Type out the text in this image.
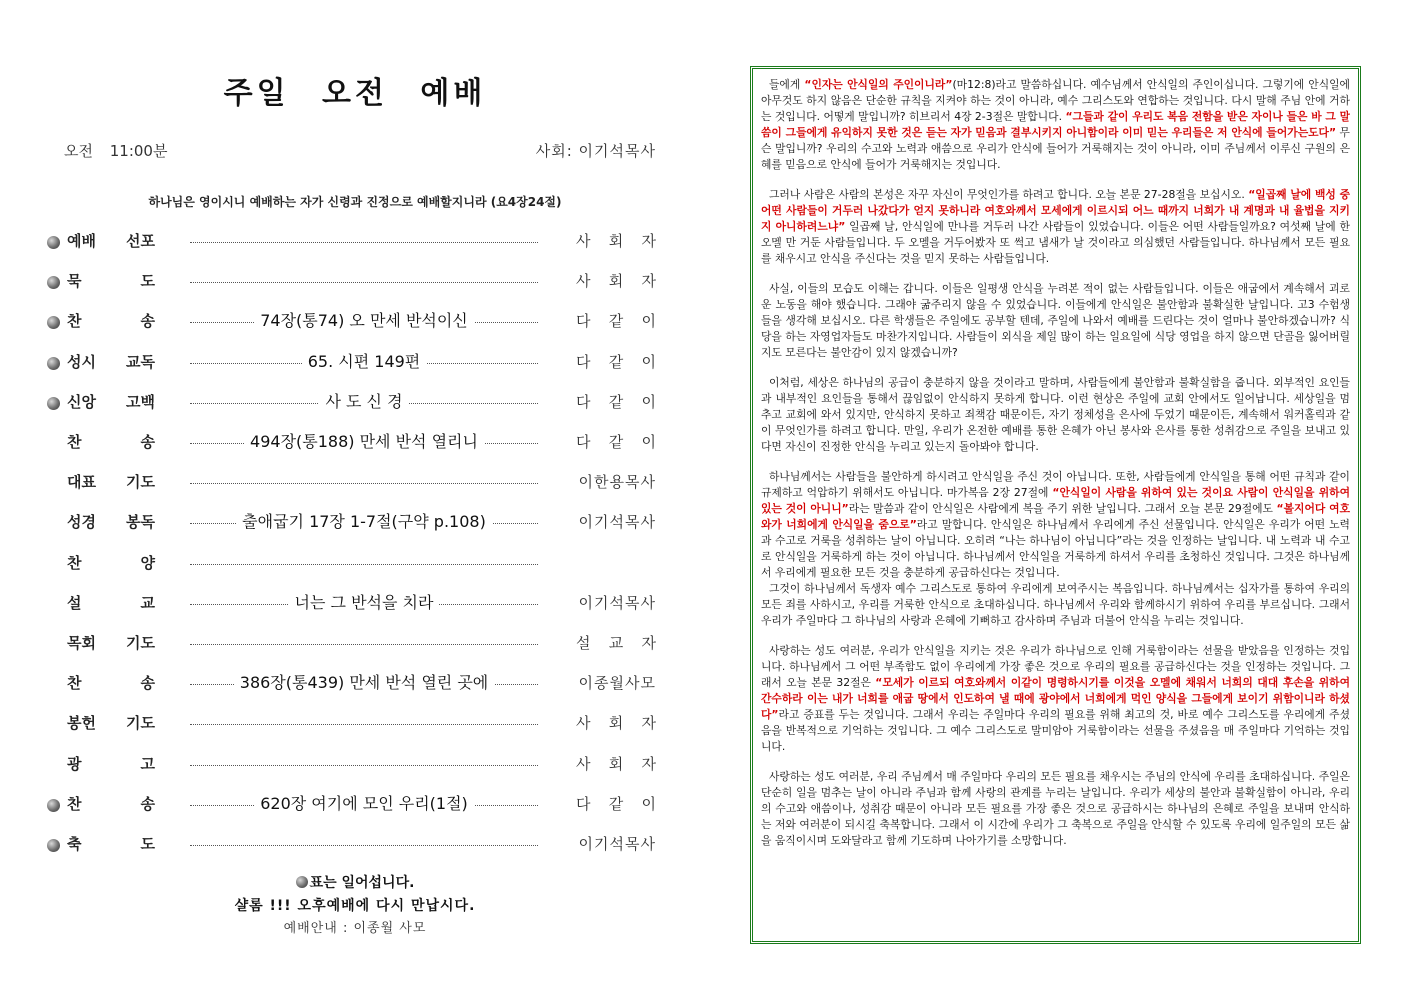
주일 오전 예배
오전 11:00분	사회: 이기석목사
하나님은 영이시니 예배하는 자가 신령과 진정으로 예배할지니라 (요4장24절)
예배 선포	사 회 자
묵	도	사 회 자
찬	송	74장(통74) 오 만세 반석이신	다 같 이
성시 교독	65. 시편 149편	다 같 이
신앙 고백	사 도 신 경	다 같 이
찬	송	494장(통188) 만세 반석 열리니	다 같 이
대표 기도	이한용목사
성경 봉독	출애굽기 17장 1-7절(구약 p.108)	이기석목사
찬	양
설	교	너는 그 반석을 치라	이기석목사
목회 기도	설 교 자
찬	송	386장(통439) 만세 반석 열린 곳에	이종월사모
봉헌 기도	사 회 자
광	고	사 회 자
찬	송	620장 여기에 모인 우리(1절)	다 같 이
축	도	이기석목사
표는 일어섭니다.
샬롬 !!! 오후예배에 다시 만납시다.
예배안내 : 이종월 사모

들에게 “인자는 안식일의 주인이니라”(마12:8)라고 말씀하십니다. 예수님께서 안식일의 주인이십니다. 그렇기에 안식일에 아무것도 하지 않음은 단순한 규칙을 지켜야 하는 것이 아니라, 예수 그리스도와 연합하는 것입니다. 다시 말해 주님 안에 거하는 것입니다. 어떻게 말입니까? 히브리서 4장 2-3절은 말합니다. “그들과 같이 우리도 복음 전함을 받은 자이나 들은 바 그 말씀이 그들에게 유익하지 못한 것은 듣는 자가 믿음과 결부시키지 아니함이라 이미 믿는 우리들은 저 안식에 들어가는도다” 무슨 말입니까? 우리의 수고와 노력과 애씀으로 우리가 안식에 들어가 거룩해지는 것이 아니라, 이미 주님께서 이루신 구원의 은혜를 믿음으로 안식에 들어가 거룩해지는 것입니다.

그러나 사람은 사람의 본성은 자꾸 자신이 무엇인가를 하려고 합니다. 오늘 본문 27-28절을 보십시오. “일곱째 날에 백성 중 어떤 사람들이 거두러 나갔다가 얻지 못하니라 여호와께서 모세에게 이르시되 어느 때까지 너희가 내 계명과 내 율법을 지키지 아니하려느냐” 일곱째 날, 안식일에 만나를 거두러 나간 사람들이 있었습니다. 이들은 어떤 사람들일까요? 여섯째 날에 한 오멜 만 거둔 사람들입니다. 두 오멜을 거두어봤자 또 썩고 냄새가 날 것이라고 의심했던 사람들입니다. 하나님께서 모든 필요를 채우시고 안식을 주신다는 것을 믿지 못하는 사람들입니다.

사실, 이들의 모습도 이해는 갑니다. 이들은 일평생 안식을 누려본 적이 없는 사람들입니다. 이들은 애굽에서 계속해서 괴로운 노동을 해야 했습니다. 그래야 굶주리지 않을 수 있었습니다. 이들에게 안식일은 불안함과 불확실한 날입니다. 고3 수험생들을 생각해 보십시오. 다른 학생들은 주일에도 공부할 텐데, 주일에 나와서 예배를 드린다는 것이 얼마나 불안하겠습니까? 식당을 하는 자영업자들도 마찬가지입니다. 사람들이 외식을 제일 많이 하는 일요일에 식당 영업을 하지 않으면 단골을 잃어버릴지도 모른다는 불안감이 있지 않겠습니까?

이처럼, 세상은 하나님의 공급이 충분하지 않을 것이라고 말하며, 사람들에게 불안함과 불확실함을 줍니다. 외부적인 요인들과 내부적인 요인들을 통해서 끊임없이 안식하지 못하게 합니다. 이런 현상은 주일에 교회 안에서도 일어납니다. 세상일을 멈추고 교회에 와서 있지만, 안식하지 못하고 죄책감 때문이든, 자기 정체성을 은사에 두었기 때문이든, 계속해서 워커홀릭과 같이 무엇인가를 하려고 합니다. 만일, 우리가 온전한 예배를 통한 은혜가 아닌 봉사와 은사를 통한 성취감으로 주일을 보내고 있다면 자신이 진정한 안식을 누리고 있는지 돌아봐야 합니다.

하나님께서는 사람들을 불안하게 하시려고 안식일을 주신 것이 아닙니다. 또한, 사람들에게 안식일을 통해 어떤 규칙과 같이 규제하고 억압하기 위해서도 아닙니다. 마가복음 2장 27절에 “안식일이 사람을 위하여 있는 것이요 사람이 안식일을 위하여 있는 것이 아니니”라는 말씀과 같이 안식일은 사람에게 복을 주기 위한 날입니다. 그래서 오늘 본문 29절에도 “볼지어다 여호와가 너희에게 안식일을 줌으로”라고 말합니다. 안식일은 하나님께서 우리에게 주신 선물입니다. 안식일은 우리가 어떤 노력과 수고로 거룩을 성취하는 날이 아닙니다. 오히려 “나는 하나님이 아닙니다”라는 것을 인정하는 날입니다. 내 노력과 내 수고로 안식일을 거룩하게 하는 것이 아닙니다. 하나님께서 안식일을 거룩하게 하셔서 우리를 초청하신 것입니다. 그것은 하나님께서 우리에게 필요한 모든 것을 충분하게 공급하신다는 것입니다.

그것이 하나님께서 독생자 예수 그리스도로 통하여 우리에게 보여주시는 복음입니다. 하나님께서는 십자가를 통하여 우리의 모든 죄를 사하시고, 우리를 거룩한 안식으로 초대하십니다. 하나님께서 우리와 함께하시기 위하여 우리를 부르십니다. 그래서 우리가 주일마다 그 하나님의 사랑과 은혜에 기뻐하고 감사하며 주님과 더불어 안식을 누리는 것입니다.

사랑하는 성도 여러분, 우리가 안식일을 지키는 것은 우리가 하나님으로 인해 거룩함이라는 선물을 받았음을 인정하는 것입니다. 하나님께서 그 어떤 부족함도 없이 우리에게 가장 좋은 것으로 우리의 필요를 공급하신다는 것을 인정하는 것입니다. 그래서 오늘 본문 32절은 “모세가 이르되 여호와께서 이같이 명령하시기를 이것을 오멜에 채워서 너희의 대대 후손을 위하여 간수하라 이는 내가 너희를 애굽 땅에서 인도하여 낼 때에 광야에서 너희에게 먹인 양식을 그들에게 보이기 위함이니라 하셨다”라고 증표를 두는 것입니다. 그래서 우리는 주일마다 우리의 필요를 위해 최고의 것, 바로 예수 그리스도를 우리에게 주셨음을 반복적으로 기억하는 것입니다. 그 예수 그리스도로 말미암아 거룩함이라는 선물을 주셨음을 매 주일마다 기억하는 것입니다.

사랑하는 성도 여러분, 우리 주님께서 매 주일마다 우리의 모든 필요를 채우시는 주님의 안식에 우리를 초대하십니다. 주일은 단순히 일을 멈추는 날이 아니라 주님과 함께 사랑의 관계를 누리는 날입니다. 우리가 세상의 불안과 불확실함이 아니라, 우리의 수고와 애씀이나, 성취감 때문이 아니라 모든 필요를 가장 좋은 것으로 공급하시는 하나님의 은혜로 주일을 보내며 안식하는 저와 여러분이 되시길 축복합니다. 그래서 이 시간에 우리가 그 축복으로 주일을 안식할 수 있도록 우리에 일주일의 모든 삶을 움직이시며 도와달라고 함께 기도하며 나아가기를 소망합니다.
